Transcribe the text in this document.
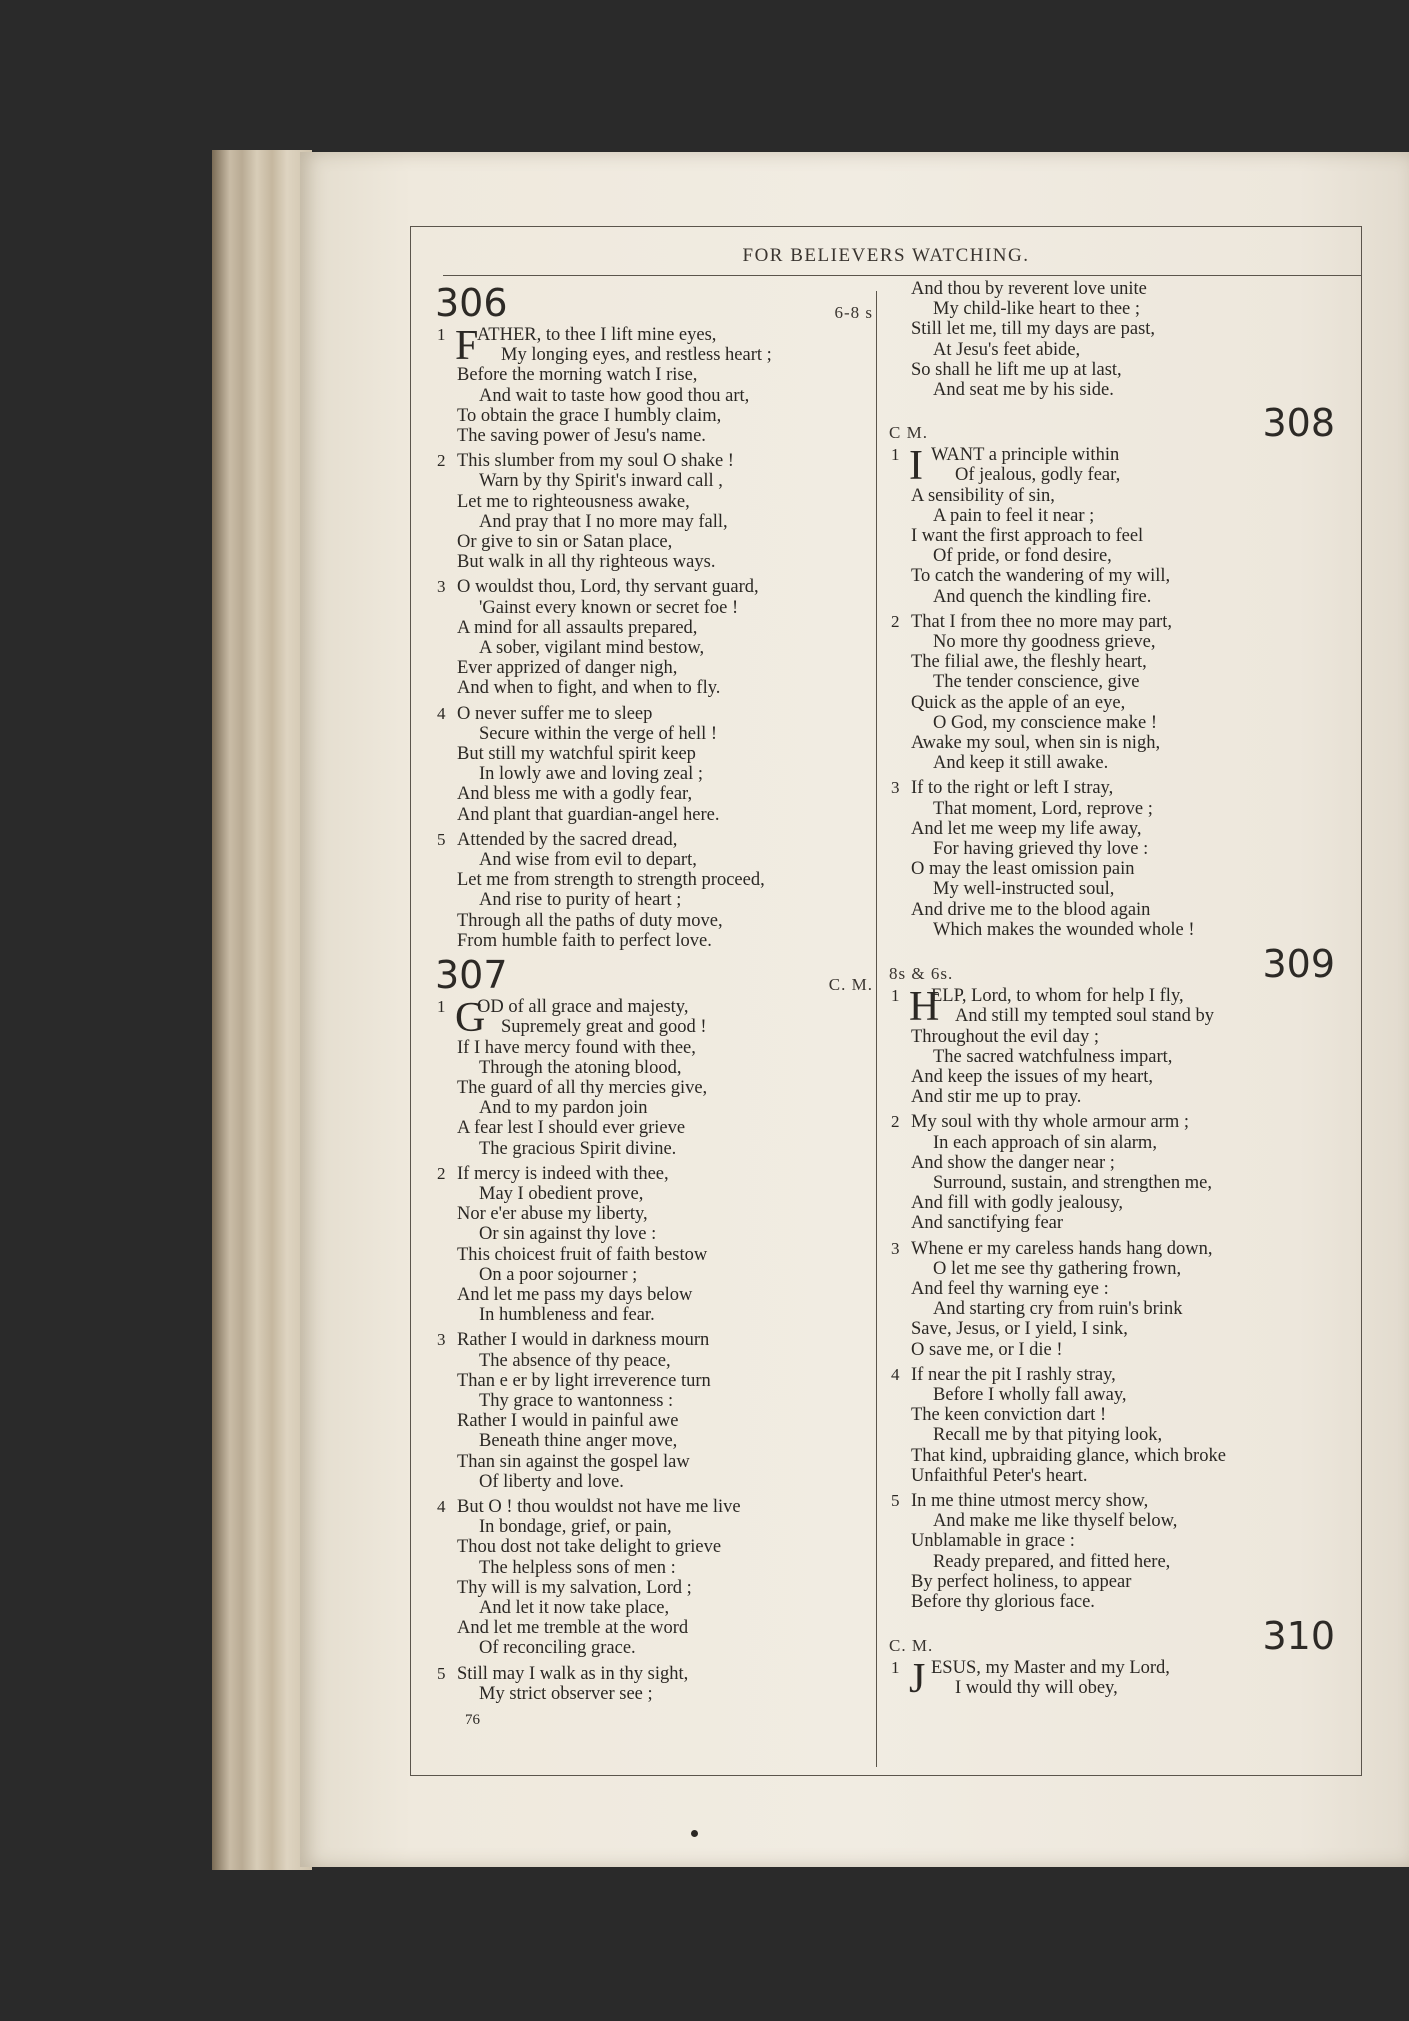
FOR BELIEVERS WATCHING.
306	6-8 s
1 F
ATHER, to thee I lift mine eyes,
My longing eyes, and restless heart ;
Before the morning watch I rise,
And wait to taste how good thou art,
To obtain the grace I humbly claim,
The saving power of Jesu's name.
2 This slumber from my soul O shake !
Warn by thy Spirit's inward call ,
Let me to righteousness awake,
And pray that I no more may fall,
Or give to sin or Satan place,
But walk in all thy righteous ways.
3 O wouldst thou, Lord, thy servant guard,
'Gainst every known or secret foe !
A mind for all assaults prepared,
A sober, vigilant mind bestow,
Ever apprized of danger nigh,
And when to fight, and when to fly.
4 O never suffer me to sleep
Secure within the verge of hell !
But still my watchful spirit keep
In lowly awe and loving zeal ;
And bless me with a godly fear,
And plant that guardian-angel here.
5 Attended by the sacred dread,
And wise from evil to depart,
Let me from strength to strength proceed,
And rise to purity of heart ;
Through all the paths of duty move,
From humble faith to perfect love.
307	C. M.
1 G
OD of all grace and majesty,
Supremely great and good !
If I have mercy found with thee,
Through the atoning blood,
The guard of all thy mercies give,
And to my pardon join
A fear lest I should ever grieve
The gracious Spirit divine.
2 If mercy is indeed with thee,
May I obedient prove,
Nor e'er abuse my liberty,
Or sin against thy love :
This choicest fruit of faith bestow
On a poor sojourner ;
And let me pass my days below
In humbleness and fear.
3 Rather I would in darkness mourn
The absence of thy peace,
Than e er by light irreverence turn
Thy grace to wantonness :
Rather I would in painful awe
Beneath thine anger move,
Than sin against the gospel law
Of liberty and love.
4 But O ! thou wouldst not have me live
In bondage, grief, or pain,
Thou dost not take delight to grieve
The helpless sons of men :
Thy will is my salvation, Lord ;
And let it now take place,
And let me tremble at the word
Of reconciling grace.
5 Still may I walk as in thy sight,
My strict observer see ;
76
And thou by reverent love unite
My child-like heart to thee ;
Still let me, till my days are past,
At Jesu's feet abide,
So shall he lift me up at last,
And seat me by his side.
308
C M.
1 I WANT a principle within
Of jealous, godly fear,
A sensibility of sin,
A pain to feel it near ;
I want the first approach to feel
Of pride, or fond desire,
To catch the wandering of my will,
And quench the kindling fire.
2 That I from thee no more may part,
No more thy goodness grieve,
The filial awe, the fleshly heart,
The tender conscience, give
Quick as the apple of an eye,
O God, my conscience make !
Awake my soul, when sin is nigh,
And keep it still awake.
3 If to the right or left I stray,
That moment, Lord, reprove ;
And let me weep my life away,
For having grieved thy love :
O may the least omission pain
My well-instructed soul,
And drive me to the blood again
Which makes the wounded whole !
309
8s & 6s.
1 H
ELP, Lord, to whom for help I fly,
And still my tempted soul stand by
Throughout the evil day ;
The sacred watchfulness impart,
And keep the issues of my heart,
And stir me up to pray.
2 My soul with thy whole armour arm ;
In each approach of sin alarm,
And show the danger near ;
Surround, sustain, and strengthen me,
And fill with godly jealousy,
And sanctifying fear
3 Whene er my careless hands hang down,
O let me see thy gathering frown,
And feel thy warning eye :
And starting cry from ruin's brink
Save, Jesus, or I yield, I sink,
O save me, or I die !
4 If near the pit I rashly stray,
Before I wholly fall away,
The keen conviction dart !
Recall me by that pitying look,
That kind, upbraiding glance, which broke
Unfaithful Peter's heart.
5 In me thine utmost mercy show,
And make me like thyself below,
Unblamable in grace :
Ready prepared, and fitted here,
By perfect holiness, to appear
Before thy glorious face.
310
C. M.
1 J ESUS, my Master and my Lord,
I would thy will obey,
